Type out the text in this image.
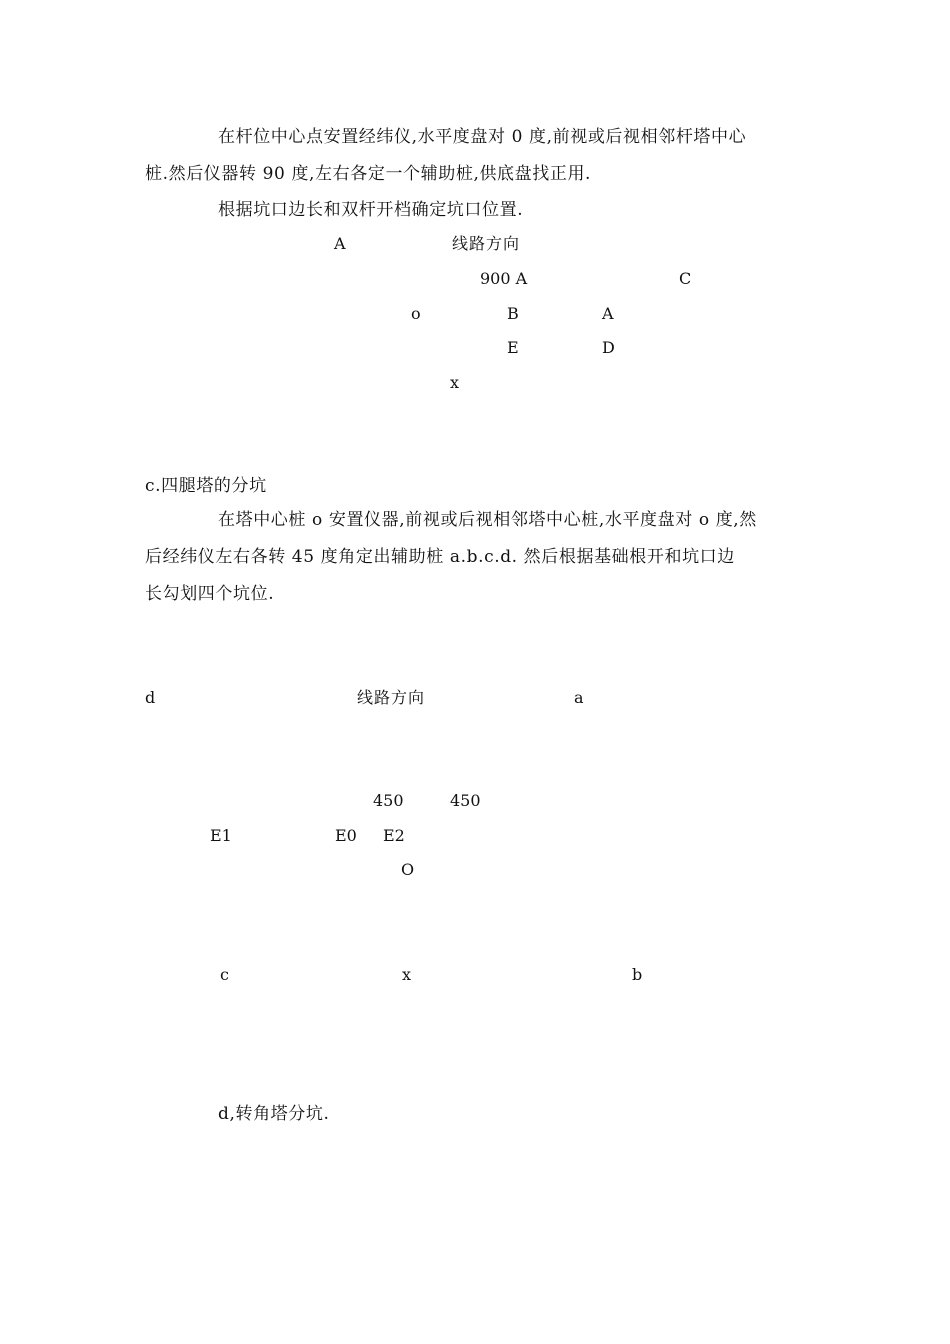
在杆位中心点安置经纬仪,水平度盘对 0 度,前视或后视相邻杆塔中心
桩.然后仪器转 90 度,左右各定一个辅助桩,供底盘找正用.
根据坑口边长和双杆开档确定坑口位置.
A	线路方向
900 A	C
o	B	A
E	D
x
c.四腿塔的分坑
在塔中心桩 o 安置仪器,前视或后视相邻塔中心桩,水平度盘对 o 度,然
后经纬仪左右各转 45 度角定出辅助桩 a.b.c.d. 然后根据基础根开和坑口边
长勾划四个坑位.
d	线路方向	a
450	450
E1	E0 E2
O
c	x	b
d,转角塔分坑.
